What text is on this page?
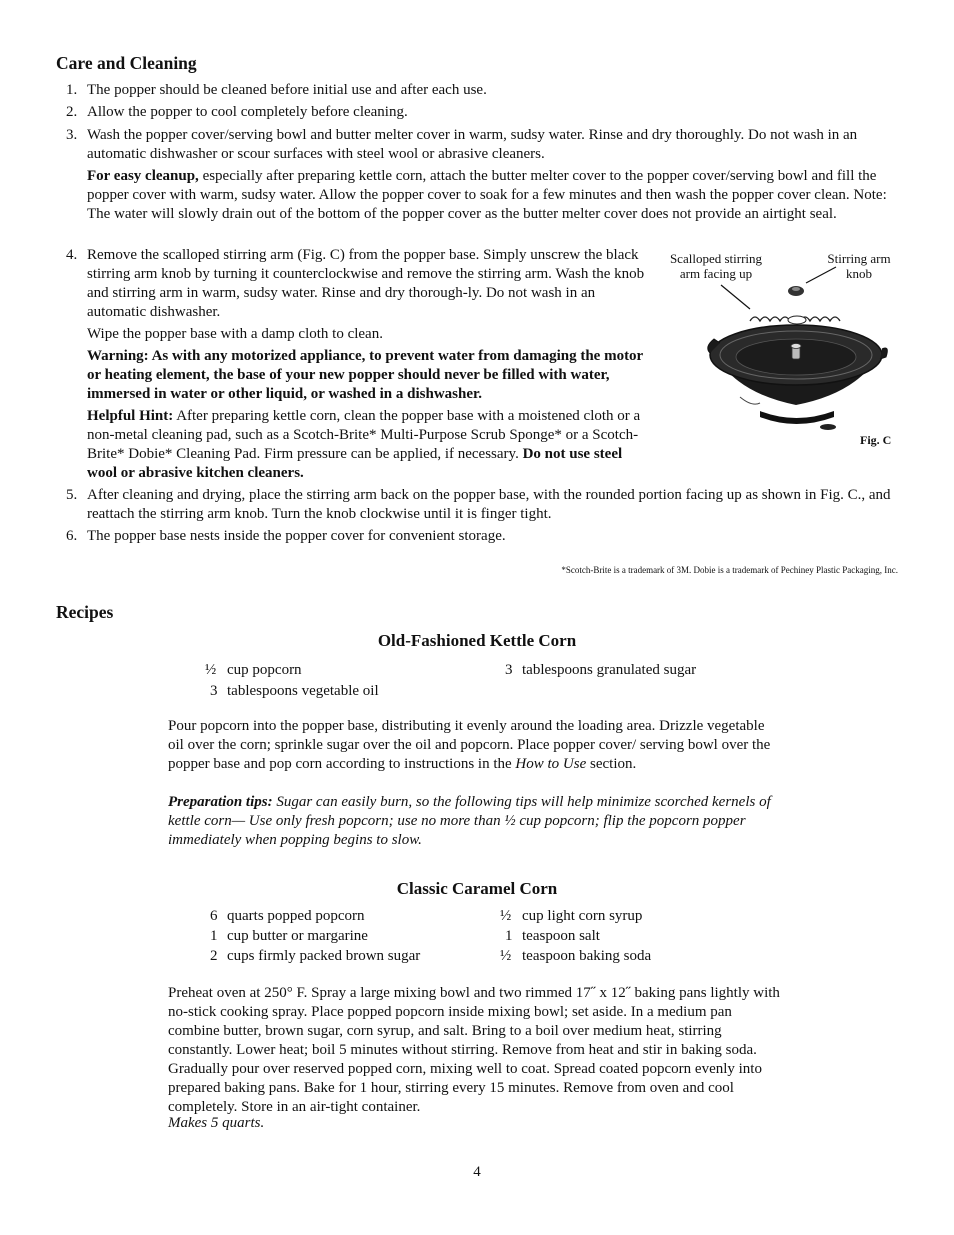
Care and Cleaning
1. The popper should be cleaned before initial use and after each use.
2. Allow the popper to cool completely before cleaning.
3. Wash the popper cover/serving bowl and butter melter cover in warm, sudsy water. Rinse and dry thoroughly. Do not wash in an automatic dishwasher or scour surfaces with steel wool or abrasive cleaners.
For easy cleanup, especially after preparing kettle corn, attach the butter melter cover to the popper cover/serving bowl and fill the popper cover with warm, sudsy water. Allow the popper cover to soak for a few minutes and then wash the popper cover clean. Note: The water will slowly drain out of the bottom of the popper cover as the butter melter cover does not provide an airtight seal.
4. Remove the scalloped stirring arm (Fig. C) from the popper base. Simply unscrew the black stirring arm knob by turning it counterclockwise and remove the stirring arm. Wash the knob and stirring arm in warm, sudsy water. Rinse and dry thorough-ly. Do not wash in an automatic dishwasher.
Wipe the popper base with a damp cloth to clean.
Warning: As with any motorized appliance, to prevent water from damaging the motor or heating element, the base of your new popper should never be filled with water, immersed in water or other liquid, or washed in a dishwasher.
Helpful Hint: After preparing kettle corn, clean the popper base with a moistened cloth or a non-metal cleaning pad, such as a Scotch-Brite* Multi-Purpose Scrub Sponge* or a Scotch-Brite* Dobie* Cleaning Pad. Firm pressure can be applied, if necessary. Do not use steel wool or abrasive kitchen cleaners.
5. After cleaning and drying, place the stirring arm back on the popper base, with the rounded portion facing up as shown in Fig. C., and reattach the stirring arm knob. Turn the knob clockwise until it is finger tight.
6. The popper base nests inside the popper cover for convenient storage.
Scalloped stirring arm facing up
Stirring arm knob
Fig. C
*Scotch-Brite is a trademark of 3M. Dobie is a trademark of Pechiney Plastic Packaging, Inc.
Recipes
Old-Fashioned Kettle Corn
½ cup popcorn
3 tablespoons vegetable oil
3 tablespoons granulated sugar
Pour popcorn into the popper base, distributing it evenly around the loading area. Drizzle vegetable oil over the corn; sprinkle sugar over the oil and popcorn. Place popper cover/ serving bowl over the popper base and pop corn according to instructions in the How to Use section.
Preparation tips: Sugar can easily burn, so the following tips will help minimize scorched kernels of kettle corn— Use only fresh popcorn; use no more than ½ cup popcorn; flip the popcorn popper immediately when popping begins to slow.
Classic Caramel Corn
6 quarts popped popcorn
1 cup butter or margarine
2 cups firmly packed brown sugar
½ cup light corn syrup
1 teaspoon salt
½ teaspoon baking soda
Preheat oven at 250° F. Spray a large mixing bowl and two rimmed 17˝ x 12˝ baking pans lightly with no-stick cooking spray. Place popped popcorn inside mixing bowl; set aside. In a medium pan combine butter, brown sugar, corn syrup, and salt. Bring to a boil over medium heat, stirring constantly. Lower heat; boil 5 minutes without stirring. Remove from heat and stir in baking soda. Gradually pour over reserved popped corn, mixing well to coat. Spread coated popcorn evenly into prepared baking pans. Bake for 1 hour, stirring every 15 minutes. Remove from oven and cool completely. Store in an air-tight container.
Makes 5 quarts.
4
